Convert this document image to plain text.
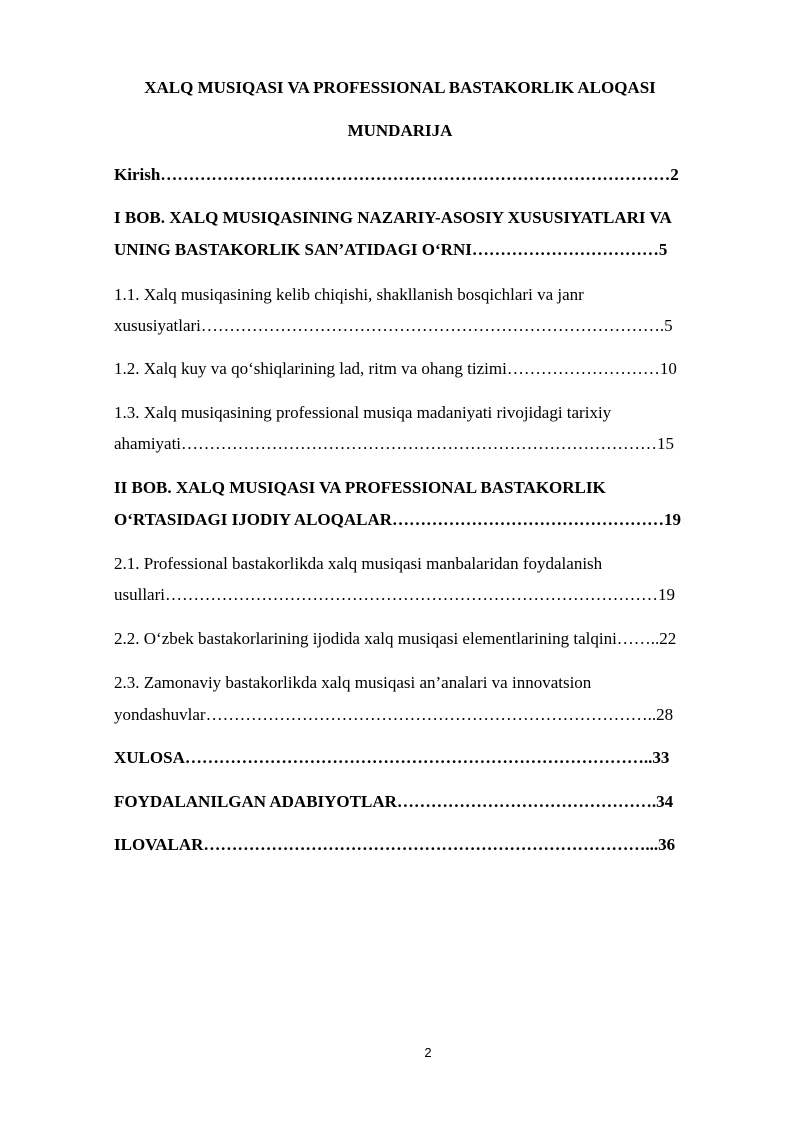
XALQ MUSIQASI VA PROFESSIONAL BASTAKORLIK ALOQASI
MUNDARIJA
Kirish………………………………………………………………………………2
I BOB. XALQ MUSIQASINING NAZARIY-ASOSIY XUSUSIYATLARI VA
UNING BASTAKORLIK SAN’ATIDAGI O‘RNI……………………………5
1.1. Xalq musiqasining kelib chiqishi, shakllanish bosqichlari va janr
xususiyatlari……………………………………………………………………….5
1.2. Xalq kuy va qo‘shiqlarining lad, ritm va ohang tizimi………………………10
1.3. Xalq musiqasining professional musiqa madaniyati rivojidagi tarixiy
ahamiyati…………………………………………………………………………15
II BOB. XALQ MUSIQASI VA PROFESSIONAL BASTAKORLIK
O‘RTASIDAGI IJODIY ALOQALAR…………………………………………19
2.1. Professional bastakorlikda xalq musiqasi manbalaridan foydalanish
usullari……………………………………………………………………………19
2.2. O‘zbek bastakorlarining ijodida xalq musiqasi elementlarining talqini……..22
2.3. Zamonaviy bastakorlikda xalq musiqasi an’analari va innovatsion
yondashuvlar……………………………………………………………………..28
XULOSA………………………………………………………………………..33
FOYDALANILGAN ADABIYOTLAR……………………………………….34
ILOVALAR……………………………………………………………………...36
2
